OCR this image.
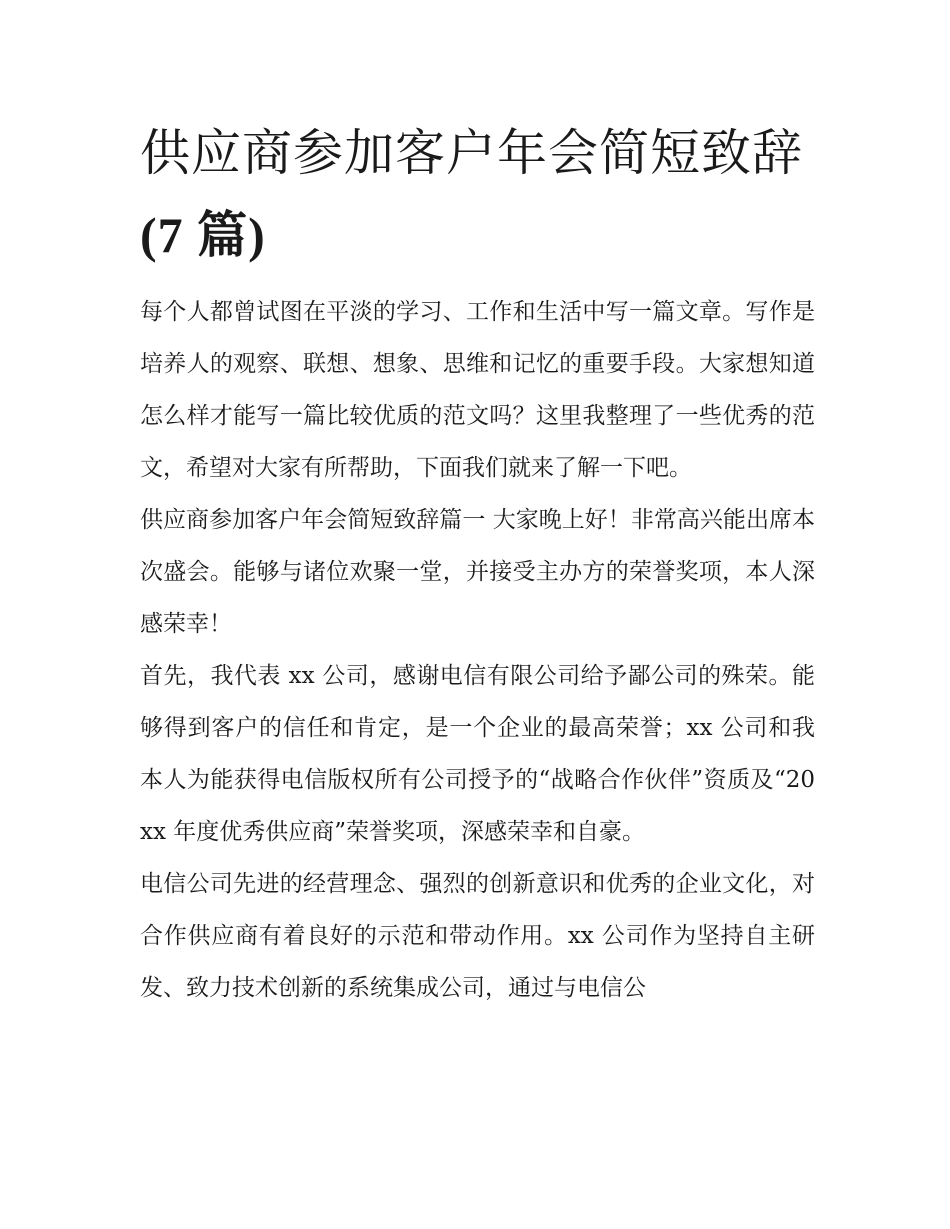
供应商参加客户年会简短致辞
(7 篇)

每个人都曾试图在平淡的学习、工作和生活中写一篇文章。写作是培养人的观察、联想、想象、思维和记忆的重要手段。大家想知道怎么样才能写一篇比较优质的范文吗？这里我整理了一些优秀的范文，希望对大家有所帮助，下面我们就来了解一下吧。

供应商参加客户年会简短致辞篇一 大家晚上好！非常高兴能出席本次盛会。能够与诸位欢聚一堂，并接受主办方的荣誉奖项，本人深感荣幸！

首先，我代表 xx 公司，感谢电信有限公司给予鄙公司的殊荣。能够得到客户的信任和肯定，是一个企业的最高荣誉；xx 公司和我本人为能获得电信版权所有公司授予的“战略合作伙伴”资质及“20xx 年度优秀供应商”荣誉奖项，深感荣幸和自豪。

电信公司先进的经营理念、强烈的创新意识和优秀的企业文化，对合作供应商有着良好的示范和带动作用。xx 公司作为坚持自主研发、致力技术创新的系统集成公司，通过与电信公
